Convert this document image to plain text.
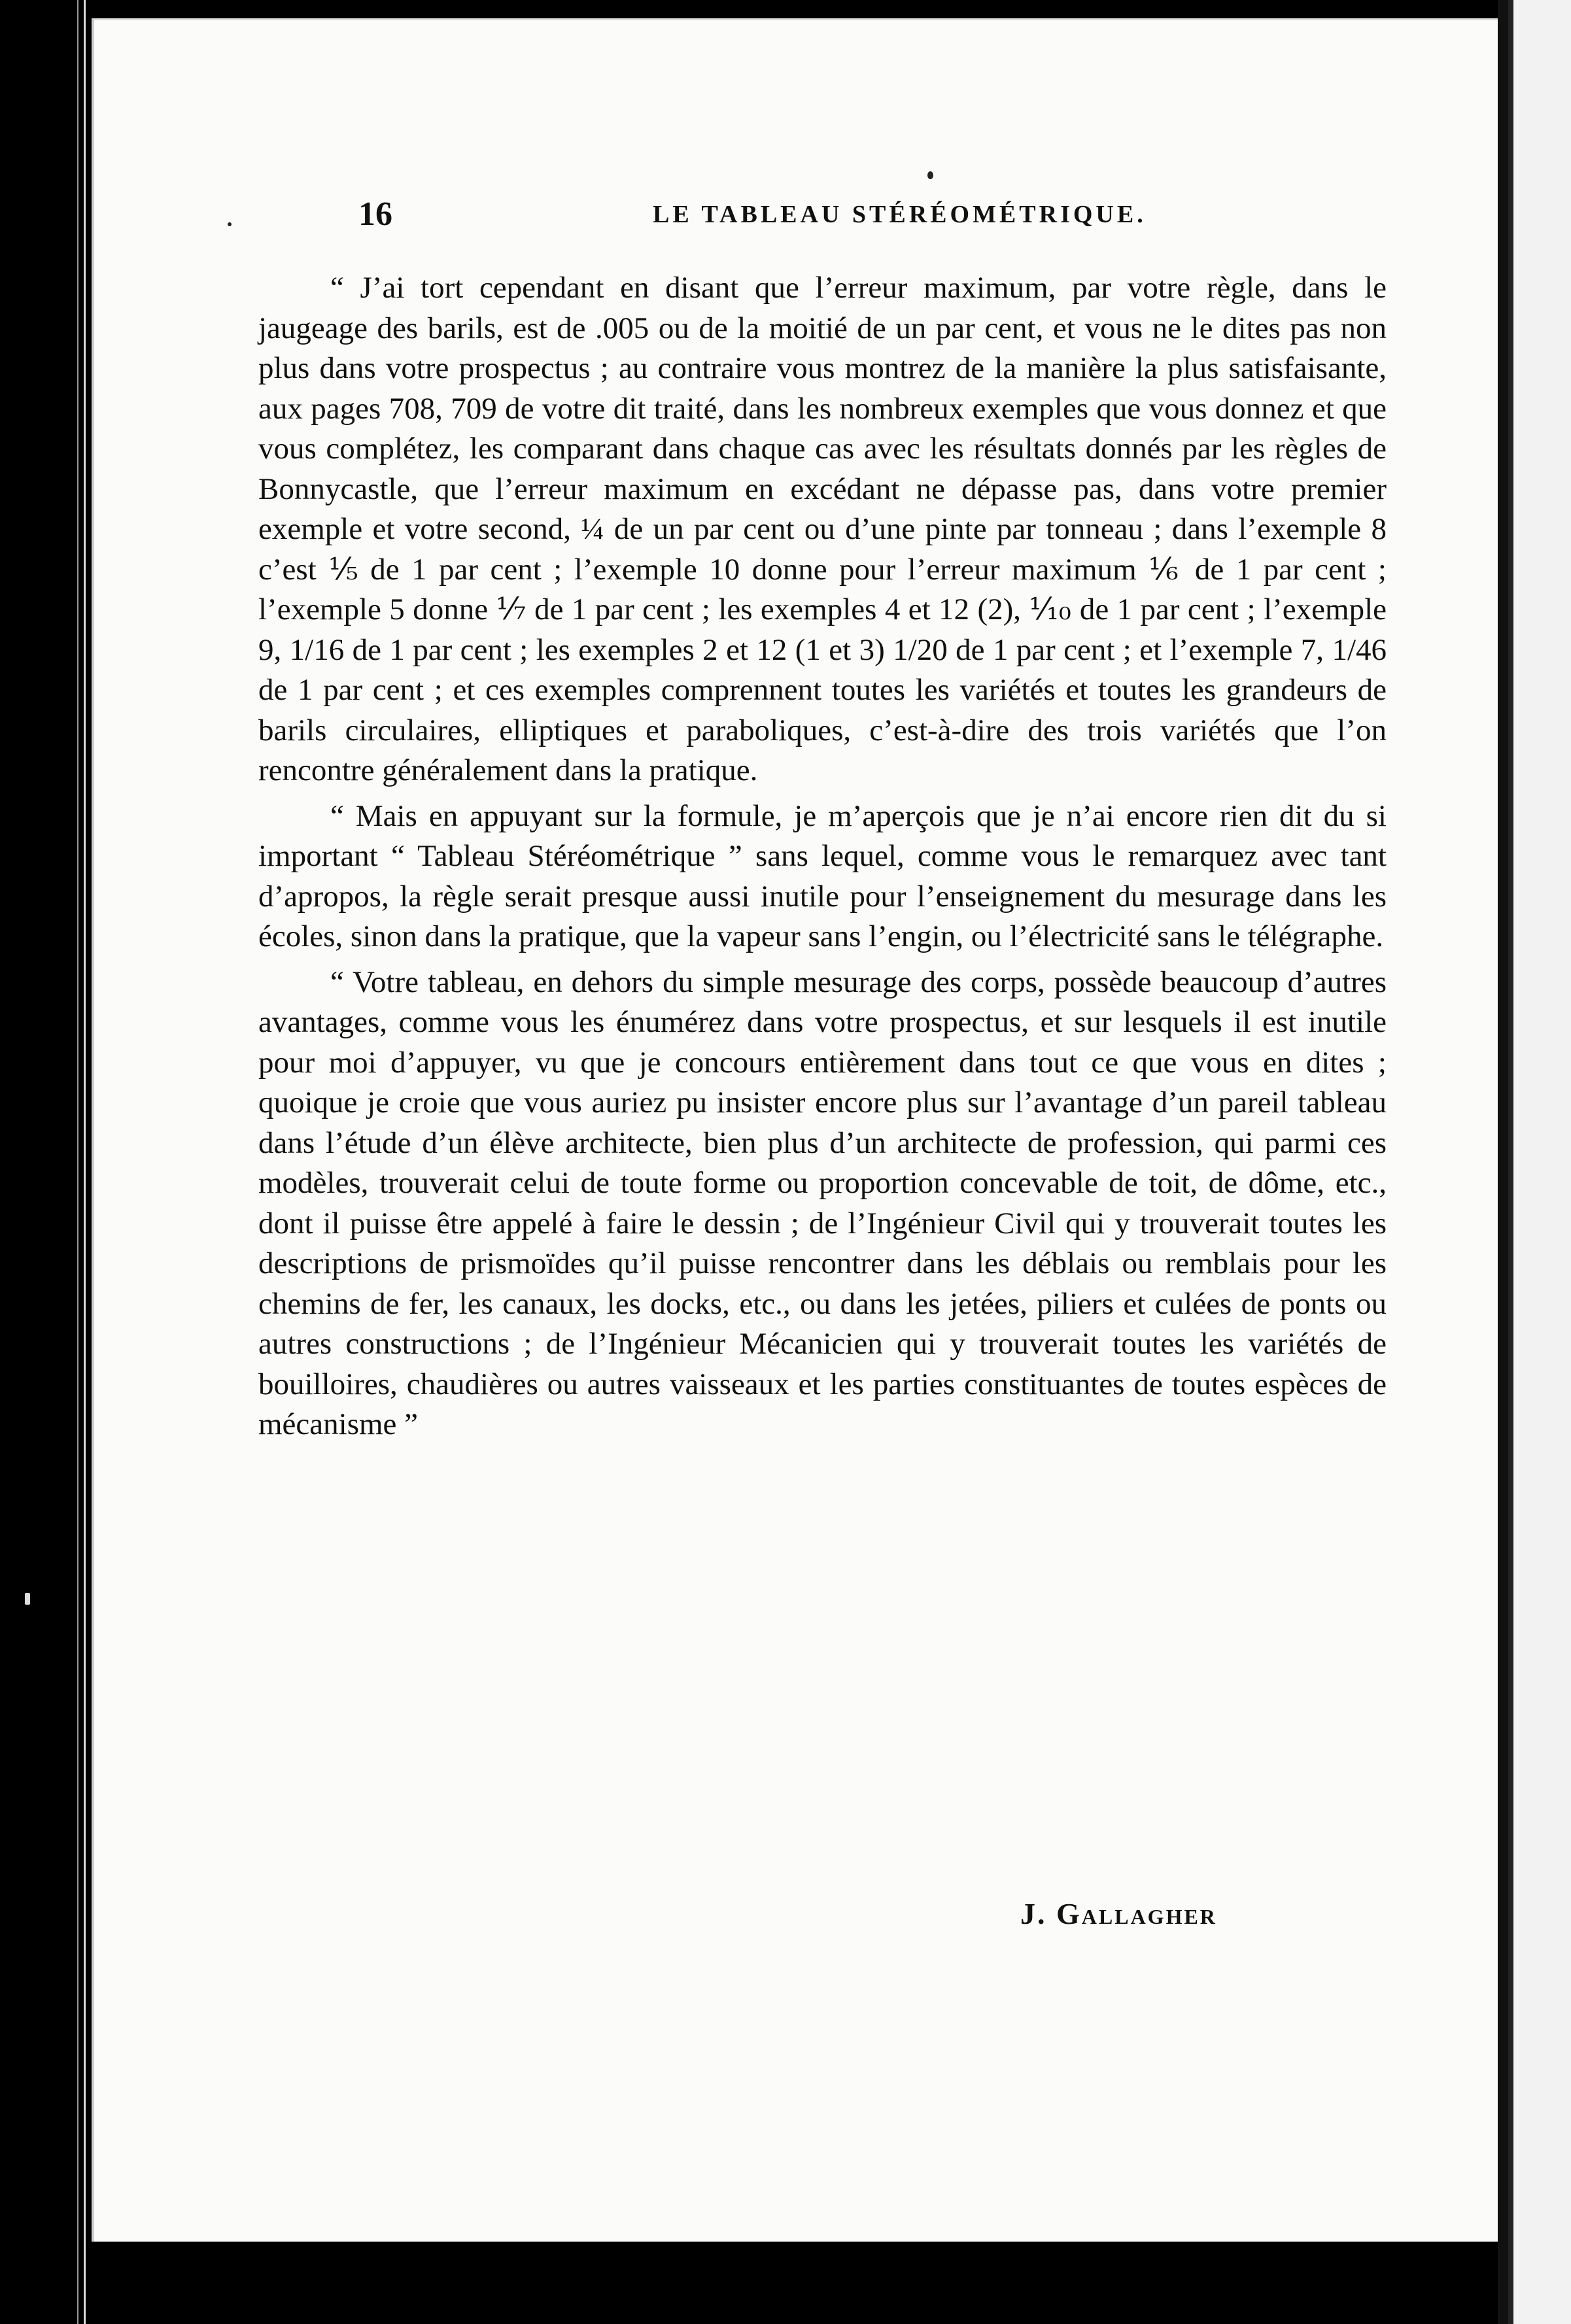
16	LE TABLEAU STÉRÉOMÉTRIQUE.

“ J’ai tort cependant en disant que l’erreur maximum, par votre règle, dans le jaugeage des barils, est de .005 ou de la moitié de un par cent, et vous ne le dites pas non plus dans votre prospectus ; au contraire vous montrez de la manière la plus satisfaisante, aux pages 708, 709 de votre dit traité, dans les nombreux exemples que vous donnez et que vous complétez, les comparant dans chaque cas avec les résultats donnés par les règles de Bonnycastle, que l’erreur maximum en excédant ne dépasse pas, dans votre premier exemple et votre second, ¼ de un par cent ou d’une pinte par tonneau ; dans l’exemple 8 c’est ⅕ de 1 par cent ; l’exemple 10 donne pour l’erreur maximum ⅙ de 1 par cent ; l’exemple 5 donne ⅐ de 1 par cent ; les exemples 4 et 12 (2), ⅒ de 1 par cent ; l’exemple 9, 1/16 de 1 par cent ; les exemples 2 et 12 (1 et 3) 1/20 de 1 par cent ; et l’exemple 7, 1/46 de 1 par cent ; et ces exemples comprennent toutes les variétés et toutes les grandeurs de barils circulaires, elliptiques et paraboliques, c’est-à-dire des trois variétés que l’on rencontre généralement dans la pratique.

“ Mais en appuyant sur la formule, je m’aperçois que je n’ai encore rien dit du si important “ Tableau Stéréométrique ” sans lequel, comme vous le remarquez avec tant d’apropos, la règle serait presque aussi inutile pour l’enseignement du mesurage dans les écoles, sinon dans la pratique, que la vapeur sans l’engin, ou l’électricité sans le télégraphe.

“ Votre tableau, en dehors du simple mesurage des corps, possède beaucoup d’autres avantages, comme vous les énumérez dans votre prospectus, et sur lesquels il est inutile pour moi d’appuyer, vu que je concours entièrement dans tout ce que vous en dites ; quoique je croie que vous auriez pu insister encore plus sur l’avantage d’un pareil tableau dans l’étude d’un élève architecte, bien plus d’un architecte de profession, qui parmi ces modèles, trouverait celui de toute forme ou proportion concevable de toit, de dôme, etc., dont il puisse être appelé à faire le dessin ; de l’Ingénieur Civil qui y trouverait toutes les descriptions de prismoïdes qu’il puisse rencontrer dans les déblais ou remblais pour les chemins de fer, les canaux, les docks, etc., ou dans les jetées, piliers et culées de ponts ou autres constructions ; de l’Ingénieur Mécanicien qui y trouverait toutes les variétés de bouilloires, chaudières ou autres vaisseaux et les parties constituantes de toutes espèces de mécanisme ”

J. Gallagher
